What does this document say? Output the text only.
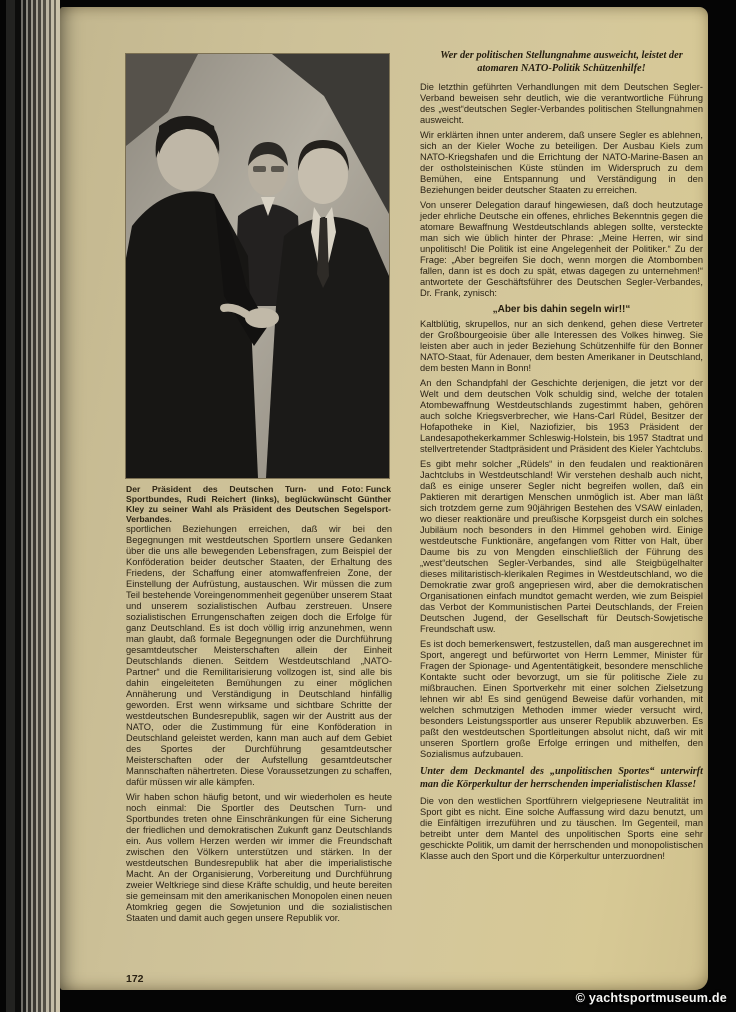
Foto: Funck
Der Präsident des Deutschen Turn- und Sportbundes, Rudi Reichert (links), beglückwünscht Günther Kley zu seiner Wahl als Präsident des Deutschen Segelsport-Verbandes.

sportlichen Beziehungen erreichen, daß wir bei den Begegnungen mit westdeutschen Sportlern unsere Gedanken über die uns alle bewegenden Lebensfragen, zum Beispiel der Konföderation beider deutscher Staaten, der Erhaltung des Friedens, der Schaffung einer atomwaffenfreien Zone, der Einstellung der Aufrüstung, austauschen. Wir müssen die zum Teil bestehende Voreingenommenheit gegenüber unserem Staat und unserem sozialistischen Aufbau zerstreuen. Unsere sozialistischen Errungenschaften zeigen doch die Erfolge für ganz Deutschland. Es ist doch völlig irrig anzunehmen, wenn man glaubt, daß formale Begegnungen oder die Durchführung gesamtdeutscher Meisterschaften allein der Einheit Deutschlands dienen. Seitdem Westdeutschland „NATO-Partner“ und die Remilitarisierung vollzogen ist, sind alle bis dahin eingeleiteten Bemühungen zu einer möglichen Annäherung und Verständigung in Deutschland hinfällig geworden. Erst wenn wirksame und sichtbare Schritte der westdeutschen Bundesrepublik, sagen wir der Austritt aus der NATO, oder die Zustimmung für eine Konföderation in Deutschland geleistet werden, kann man auch auf dem Gebiet des Sportes der Durchführung gesamtdeutscher Meisterschaften oder der Aufstellung gesamtdeutscher Mannschaften nähertreten. Diese Voraussetzungen zu schaffen, dafür müssen wir alle kämpfen.

Wir haben schon häufig betont, und wir wiederholen es heute noch einmal: Die Sportler des Deutschen Turn- und Sportbundes treten ohne Einschränkungen für eine Sicherung der friedlichen und demokratischen Zukunft ganz Deutschlands ein. Aus vollem Herzen werden wir immer die Freundschaft zwischen den Völkern unterstützen und stärken. In der westdeutschen Bundesrepublik hat aber die imperialistische Macht. An der Organisierung, Vorbereitung und Durchführung zweier Weltkriege sind diese Kräfte schuldig, und heute bereiten sie gemeinsam mit den amerikanischen Monopolen einen neuen Atomkrieg gegen die Sowjetunion und die sozialistischen Staaten und damit auch gegen unsere Republik vor.

Wer der politischen Stellungnahme ausweicht, leistet der atomaren NATO-Politik Schützenhilfe!

Die letzthin geführten Verhandlungen mit dem Deutschen Segler-Verband beweisen sehr deutlich, wie die verantwortliche Führung des „west“deutschen Segler-Verbandes politischen Stellungnahmen ausweicht.

Wir erklärten ihnen unter anderem, daß unsere Segler es ablehnen, sich an der Kieler Woche zu beteiligen. Der Ausbau Kiels zum NATO-Kriegshafen und die Errichtung der NATO-Marine-Basen an der ostholsteinischen Küste stünden im Widerspruch zu dem Bemühen, eine Entspannung und Verständigung in den Beziehungen beider deutscher Staaten zu erreichen.

Von unserer Delegation darauf hingewiesen, daß doch heutzutage jeder ehrliche Deutsche ein offenes, ehrliches Bekenntnis gegen die atomare Bewaffnung Westdeutschlands ablegen sollte, versteckte man sich wie üblich hinter der Phrase: „Meine Herren, wir sind unpolitisch! Die Politik ist eine Angelegenheit der Politiker.“ Zu der Frage: „Aber begreifen Sie doch, wenn morgen die Atombomben fallen, dann ist es doch zu spät, etwas dagegen zu unternehmen!“ antwortete der Geschäftsführer des Deutschen Segler-Verbandes, Dr. Frank, zynisch:

„Aber bis dahin segeln wir!!“

Kaltblütig, skrupellos, nur an sich denkend, gehen diese Vertreter der Großbourgeoisie über alle Interessen des Volkes hinweg. Sie leisten aber auch in jeder Beziehung Schützenhilfe für den Bonner NATO-Staat, für Adenauer, dem besten Amerikaner in Deutschland, dem besten Mann in Bonn!

An den Schandpfahl der Geschichte derjenigen, die jetzt vor der Welt und dem deutschen Volk schuldig sind, welche der totalen Atombewaffnung Westdeutschlands zugestimmt haben, gehören auch solche Kriegsverbrecher, wie Hans-Carl Rüdel, Besitzer der Hofapotheke in Kiel, Naziofizier, bis 1953 Präsident der Landesapothekerkammer Schleswig-Holstein, bis 1957 Stadtrat und stellvertretender Stadtpräsident und Präsident des Kieler Yachtclubs.

Es gibt mehr solcher „Rüdels“ in den feudalen und reaktionären Jachtclubs in Westdeutschland! Wir verstehen deshalb auch nicht, daß es einige unserer Segler nicht begreifen wollen, daß ein Paktieren mit derartigen Menschen unmöglich ist. Aber man läßt sich trotzdem gerne zum 90jährigen Bestehen des VSAW einladen, wo dieser reaktionäre und preußische Korpsgeist durch ein solches Jubiläum noch besonders in den Himmel gehoben wird. Einige westdeutsche Funktionäre, angefangen vom Ritter von Halt, über Daume bis zu von Mengden einschließlich der Führung des „west“deutschen Segler-Verbandes, sind alle Steigbügelhalter dieses militaristisch-klerikalen Regimes in Westdeutschland, wo die Demokratie zwar groß angepriesen wird, aber die demokratischen Organisationen einfach mundtot gemacht werden, wie zum Beispiel das Verbot der Kommunistischen Partei Deutschlands, der Freien Deutschen Jugend, der Gesellschaft für Deutsch-Sowjetische Freundschaft usw.

Es ist doch bemerkenswert, festzustellen, daß man ausgerechnet im Sport, angeregt und befürwortet von Herrn Lemmer, Minister für Fragen der Spionage- und Agententätigkeit, besondere menschliche Kontakte sucht oder bevorzugt, um sie für politische Ziele zu mißbrauchen. Einen Sportverkehr mit einer solchen Zielsetzung lehnen wir ab! Es sind genügend Beweise dafür vorhanden, mit welchen schmutzigen Methoden immer wieder versucht wird, besonders Leistungssportler aus unserer Republik abzuwerben. Es paßt den westdeutschen Sportleitungen absolut nicht, daß wir mit unseren Sportlern große Erfolge erringen und mithelfen, den Sozialismus aufzubauen.

Unter dem Deckmantel des „unpolitischen Sportes“ unterwirft man die Körperkultur der herrschenden imperialistischen Klasse!

Die von den westlichen Sportführern vielgepriesene Neutralität im Sport gibt es nicht. Eine solche Auffassung wird dazu benutzt, um die Einfältigen irrezuführen und zu täuschen. Im Gegenteil, man betreibt unter dem Mantel des unpolitischen Sports eine sehr geschickte Politik, um damit der herrschenden und monopolistischen Klasse auch den Sport und die Körperkultur unterzuordnen!

172
© yachtsportmuseum.de
